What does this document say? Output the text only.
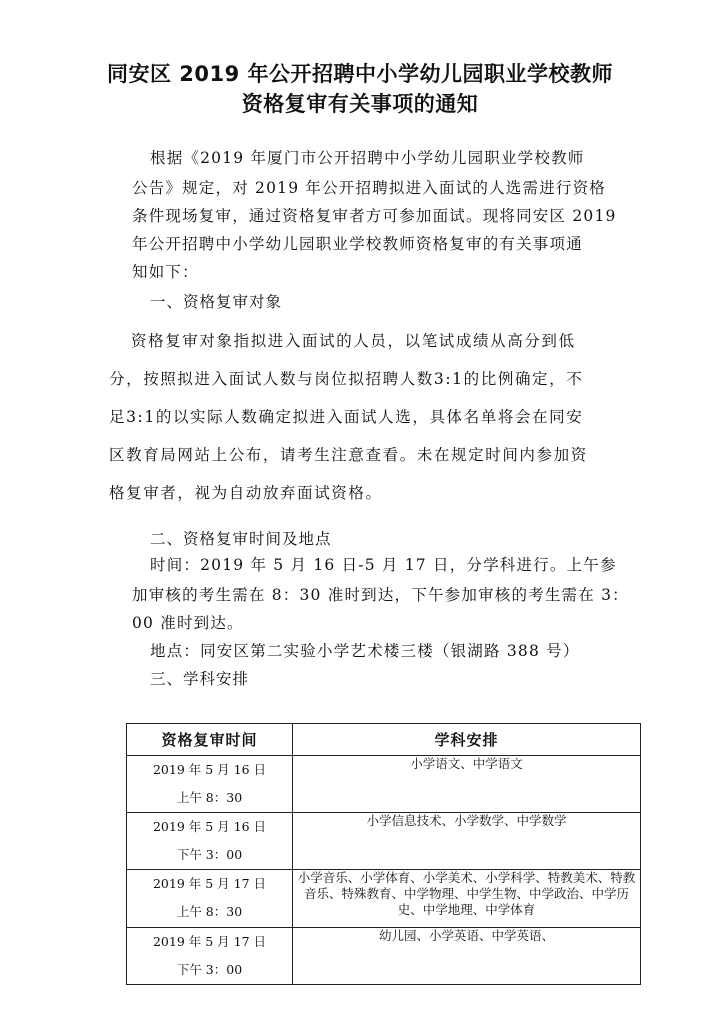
同安区 2019 年公开招聘中小学幼儿园职业学校教师
资格复审有关事项的通知
根据《2019 年厦门市公开招聘中小学幼儿园职业学校教师
公告》规定，对 2019 年公开招聘拟进入面试的人选需进行资格
条件现场复审，通过资格复审者方可参加面试。现将同安区 2019
年公开招聘中小学幼儿园职业学校教师资格复审的有关事项通
知如下：
一、资格复审对象
资格复审对象指拟进入面试的人员，以笔试成绩从高分到低
分，按照拟进入面试人数与岗位拟招聘人数3:1的比例确定，不
足3:1的以实际人数确定拟进入面试人选，具体名单将会在同安
区教育局网站上公布，请考生注意查看。未在规定时间内参加资
格复审者，视为自动放弃面试资格。
二、资格复审时间及地点
时间：2019 年 5 月 16 日-5 月 17 日，分学科进行。上午参
加审核的考生需在 8：30 准时到达，下午参加审核的考生需在 3：
00 准时到达。
地点：同安区第二实验小学艺术楼三楼（银湖路 388 号）
三、学科安排
资格复审时间	学科安排

2019 年 5 月 16 日
上午 8：30	小学语文、中学语文

2019 年 5 月 16 日
下午 3：00	小学信息技术、小学数学、中学数学

2019 年 5 月 17 日
上午 8：30	小学音乐、小学体育、小学美术、小学科学、特教美术、特教音乐、特殊教育、中学物理、中学生物、中学政治、中学历史、中学地理、中学体育

2019 年 5 月 17 日
下午 3：00	幼儿园、小学英语、中学英语、
